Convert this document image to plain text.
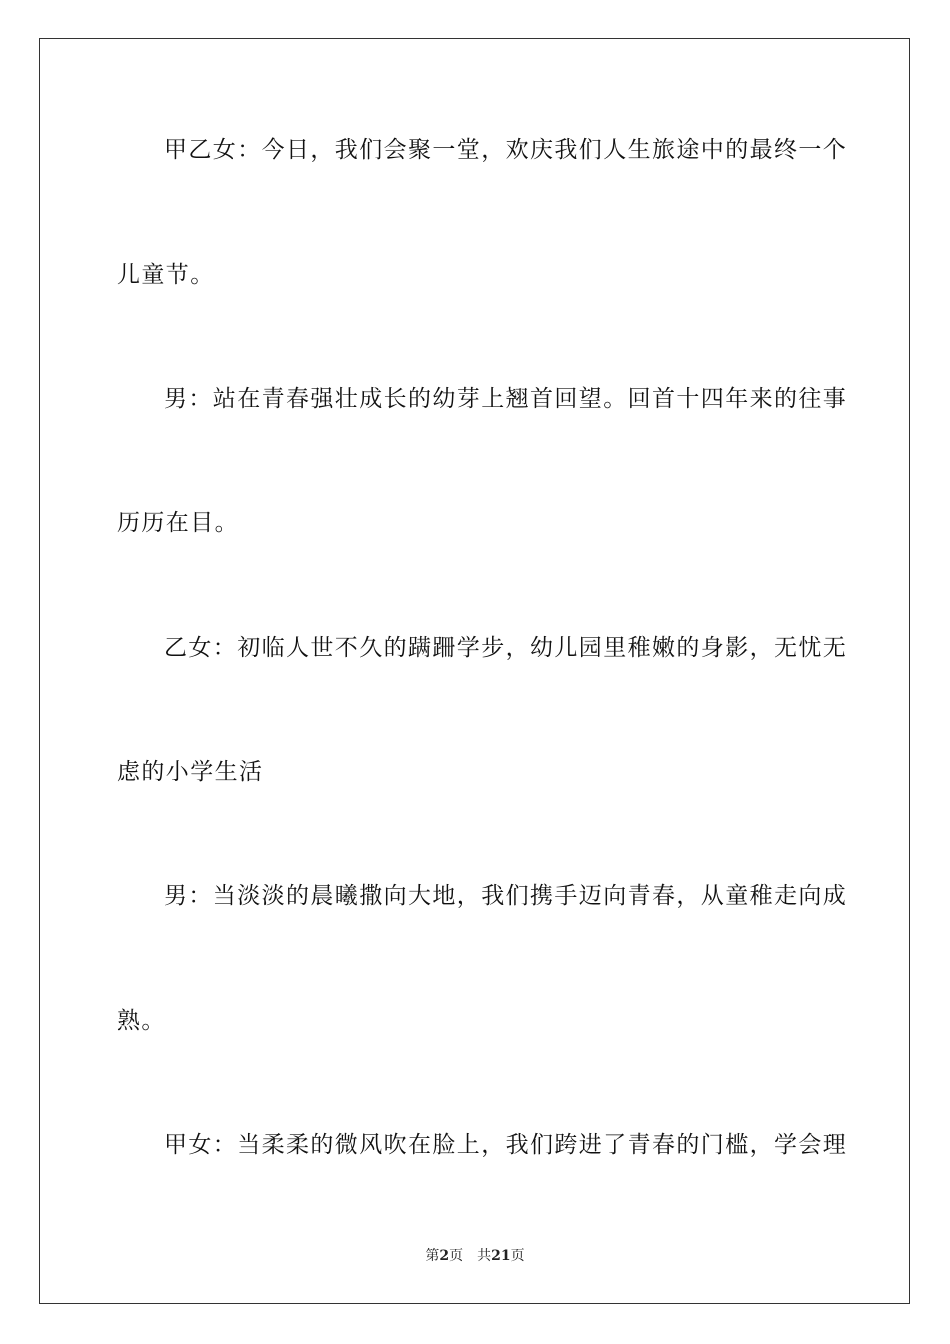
甲乙女：今日，我们会聚一堂，欢庆我们人生旅途中的最终一个
儿童节。
男：站在青春强壮成长的幼芽上翘首回望。回首十四年来的往事
历历在目。
乙女：初临人世不久的蹒跚学步，幼儿园里稚嫩的身影，无忧无
虑的小学生活
男：当淡淡的晨曦撒向大地，我们携手迈向青春，从童稚走向成
熟。
甲女：当柔柔的微风吹在脸上，我们跨进了青春的门槛，学会理
第2页 共21页
